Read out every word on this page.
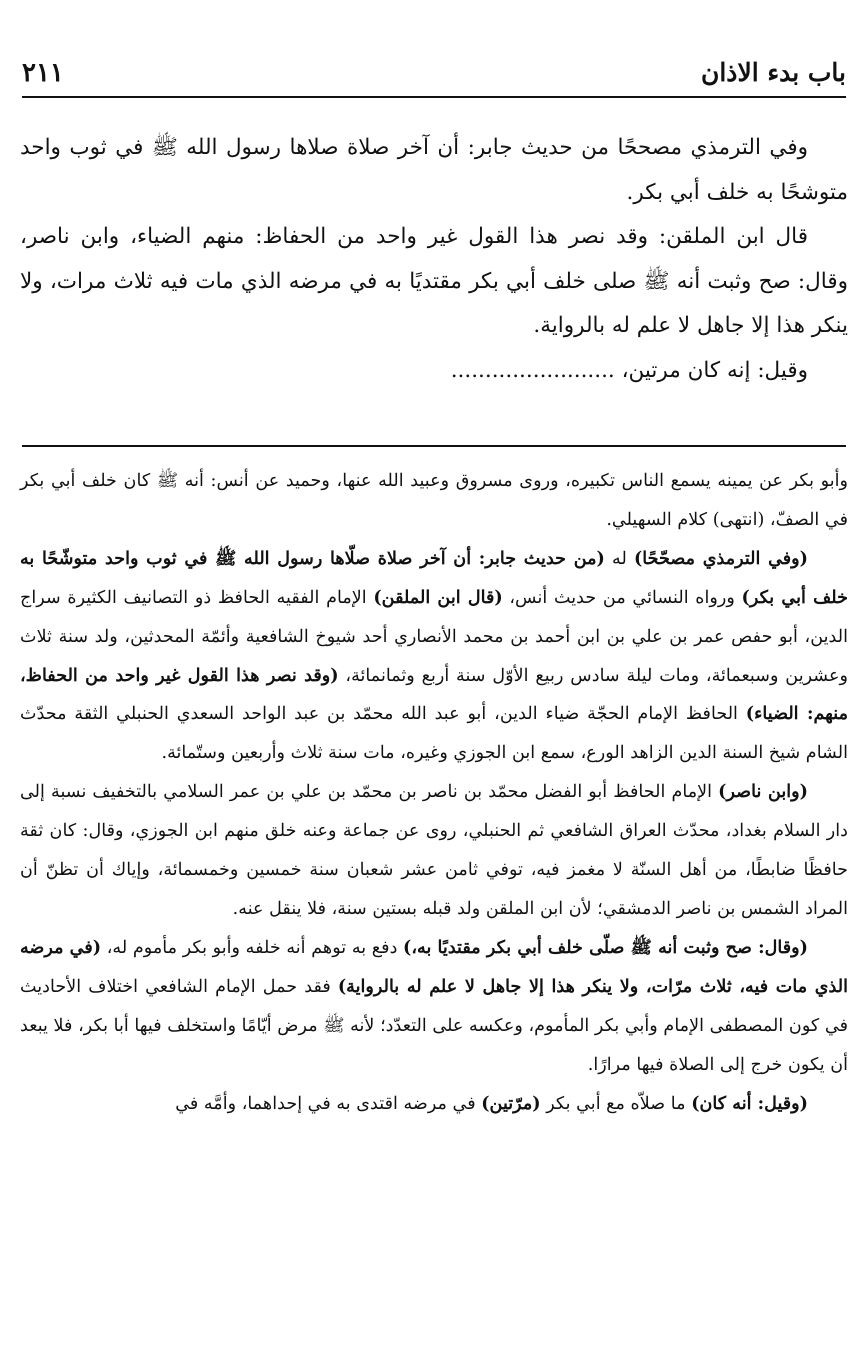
باب بدء الاذان
٢١١

وفي الترمذي مصححًا من حديث جابر: أن آخر صلاة صلاها رسول الله ﷺ في ثوب واحد متوشحًا به خلف أبي بكر.

قال ابن الملقن: وقد نصر هذا القول غير واحد من الحفاظ: منهم الضياء، وابن ناصر، وقال: صح وثبت أنه ﷺ صلى خلف أبي بكر مقتديًا به في مرضه الذي مات فيه ثلاث مرات، ولا ينكر هذا إلا جاهل لا علم له بالرواية.

وقيل: إنه كان مرتين، ........................

وأبو بكر عن يمينه يسمع الناس تكبيره، وروى مسروق وعبيد الله عنها، وحميد عن أنس: أنه ﷺ كان خلف أبي بكر في الصفّ، (انتهى) كلام السهيلي.

(وفي الترمذي مصحّحًا) له (من حديث جابر: أن آخر صلاة صلّاها رسول الله ﷺ في ثوب واحد متوشّحًا به خلف أبي بكر) ورواه النسائي من حديث أنس، (قال ابن الملقن) الإمام الفقيه الحافظ ذو التصانيف الكثيرة سراج الدين، أبو حفص عمر بن علي بن ابن أحمد بن محمد الأنصاري أحد شيوخ الشافعية وأئمّة المحدثين، ولد سنة ثلاث وعشرين وسبعمائة، ومات ليلة سادس ربيع الأوّل سنة أربع وثمانمائة، (وقد نصر هذا القول غير واحد من الحفاظ، منهم: الضياء) الحافظ الإمام الحجّة ضياء الدين، أبو عبد الله محمّد بن عبد الواحد السعدي الحنبلي الثقة محدّث الشام شيخ السنة الدين الزاهد الورع، سمع ابن الجوزي وغيره، مات سنة ثلاث وأربعين وستّمائة.

(وابن ناصر) الإمام الحافظ أبو الفضل محمّد بن ناصر بن محمّد بن علي بن عمر السلامي بالتخفيف نسبة إلى دار السلام بغداد، محدّث العراق الشافعي ثم الحنبلي، روى عن جماعة وعنه خلق منهم ابن الجوزي، وقال: كان ثقة حافظًا ضابطًا، من أهل السنّة لا مغمز فيه، توفي ثامن عشر شعبان سنة خمسين وخمسمائة، وإياك أن تظنّ أن المراد الشمس بن ناصر الدمشقي؛ لأن ابن الملقن ولد قبله بستين سنة، فلا ينقل عنه.

(وقال: صح وثبت أنه ﷺ صلّى خلف أبي بكر مقتديًا به،) دفع به توهم أنه خلفه وأبو بكر مأموم له، (في مرضه الذي مات فيه، ثلاث مرّات، ولا ينكر هذا إلا جاهل لا علم له بالرواية) فقد حمل الإمام الشافعي اختلاف الأحاديث في كون المصطفى الإمام وأبي بكر المأموم، وعكسه على التعدّد؛ لأنه ﷺ مرض أيّامًا واستخلف فيها أبا بكر، فلا يبعد أن يكون خرج إلى الصلاة فيها مرارًا.

(وقيل: أنه كان) ما صلاّه مع أبي بكر (مرّتين) في مرضه اقتدى به في إحداهما، وأمَّه في
